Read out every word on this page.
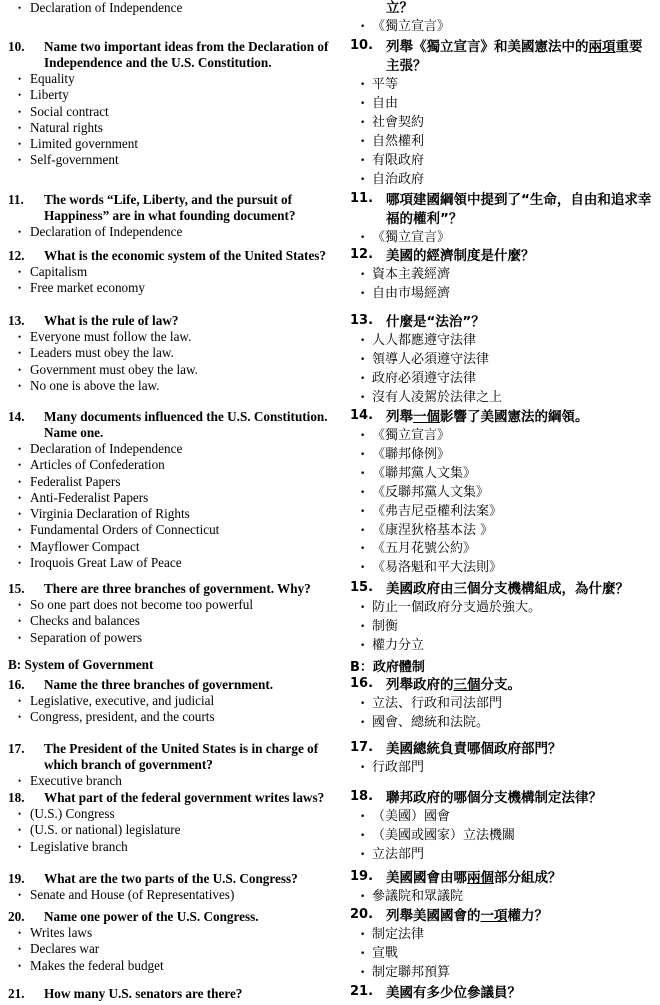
• Declaration of Independence
10.	Name two important ideas from the Declaration of Independence and the U.S. Constitution.
• Equality
• Liberty
• Social contract
• Natural rights
• Limited government
• Self-government
11.	The words “Life, Liberty, and the pursuit of Happiness” are in what founding document?
• Declaration of Independence
12.	What is the economic system of the United States?
• Capitalism
• Free market economy
13.	What is the rule of law?
• Everyone must follow the law.
• Leaders must obey the law.
• Government must obey the law.
• No one is above the law.
14.	Many documents influenced the U.S. Constitution. Name one.
• Declaration of Independence
• Articles of Confederation
• Federalist Papers
• Anti-Federalist Papers
• Virginia Declaration of Rights
• Fundamental Orders of Connecticut
• Mayflower Compact
• Iroquois Great Law of Peace
15.	There are three branches of government. Why?
• So one part does not become too powerful
• Checks and balances
• Separation of powers
B: System of Government
16.	Name the three branches of government.
• Legislative, executive, and judicial
• Congress, president, and the courts
17.	The President of the United States is in charge of which branch of government?
• Executive branch
18.	What part of the federal government writes laws?
• (U.S.) Congress
• (U.S. or national) legislature
• Legislative branch
19.	What are the two parts of the U.S. Congress?
• Senate and House (of Representatives)
20.	Name one power of the U.S. Congress.
• Writes laws
• Declares war
• Makes the federal budget
21.	How many U.S. senators are there?
立？
• 《獨立宣言》
10. 列舉《獨立宣言》和美國憲法中的兩項重要主張？
• 平等
• 自由
• 社會契約
• 自然權利
• 有限政府
• 自治政府
11. 哪項建國綱領中提到了“生命，自由和追求幸福的權利”？
• 《獨立宣言》
12. 美國的經濟制度是什麼？
• 資本主義經濟
• 自由市場經濟
13. 什麼是“法治”？
• 人人都應遵守法律
• 領導人必須遵守法律
• 政府必須遵守法律
• 沒有人凌駕於法律之上
14. 列舉一個影響了美國憲法的綱領。
• 《獨立宣言》
• 《聯邦條例》
• 《聯邦黨人文集》
• 《反聯邦黨人文集》
• 《弗吉尼亞權利法案》
• 《康涅狄格基本法 》
• 《五月花號公約》
• 《易洛魁和平大法則》
15. 美國政府由三個分支機構組成，為什麼？
• 防止一個政府分支過於強大。
• 制衡
• 權力分立
B：政府體制
16. 列舉政府的三個分支。
• 立法、行政和司法部門
• 國會、總統和法院。
17. 美國總統負責哪個政府部門？
• 行政部門
18. 聯邦政府的哪個分支機構制定法律？
• （美國）國會
• （美國或國家）立法機關
• 立法部門
19. 美國國會由哪兩個部分組成？
• 參議院和眾議院
20. 列舉美國國會的一項權力？
• 制定法律
• 宣戰
• 制定聯邦預算
21. 美國有多少位參議員？
